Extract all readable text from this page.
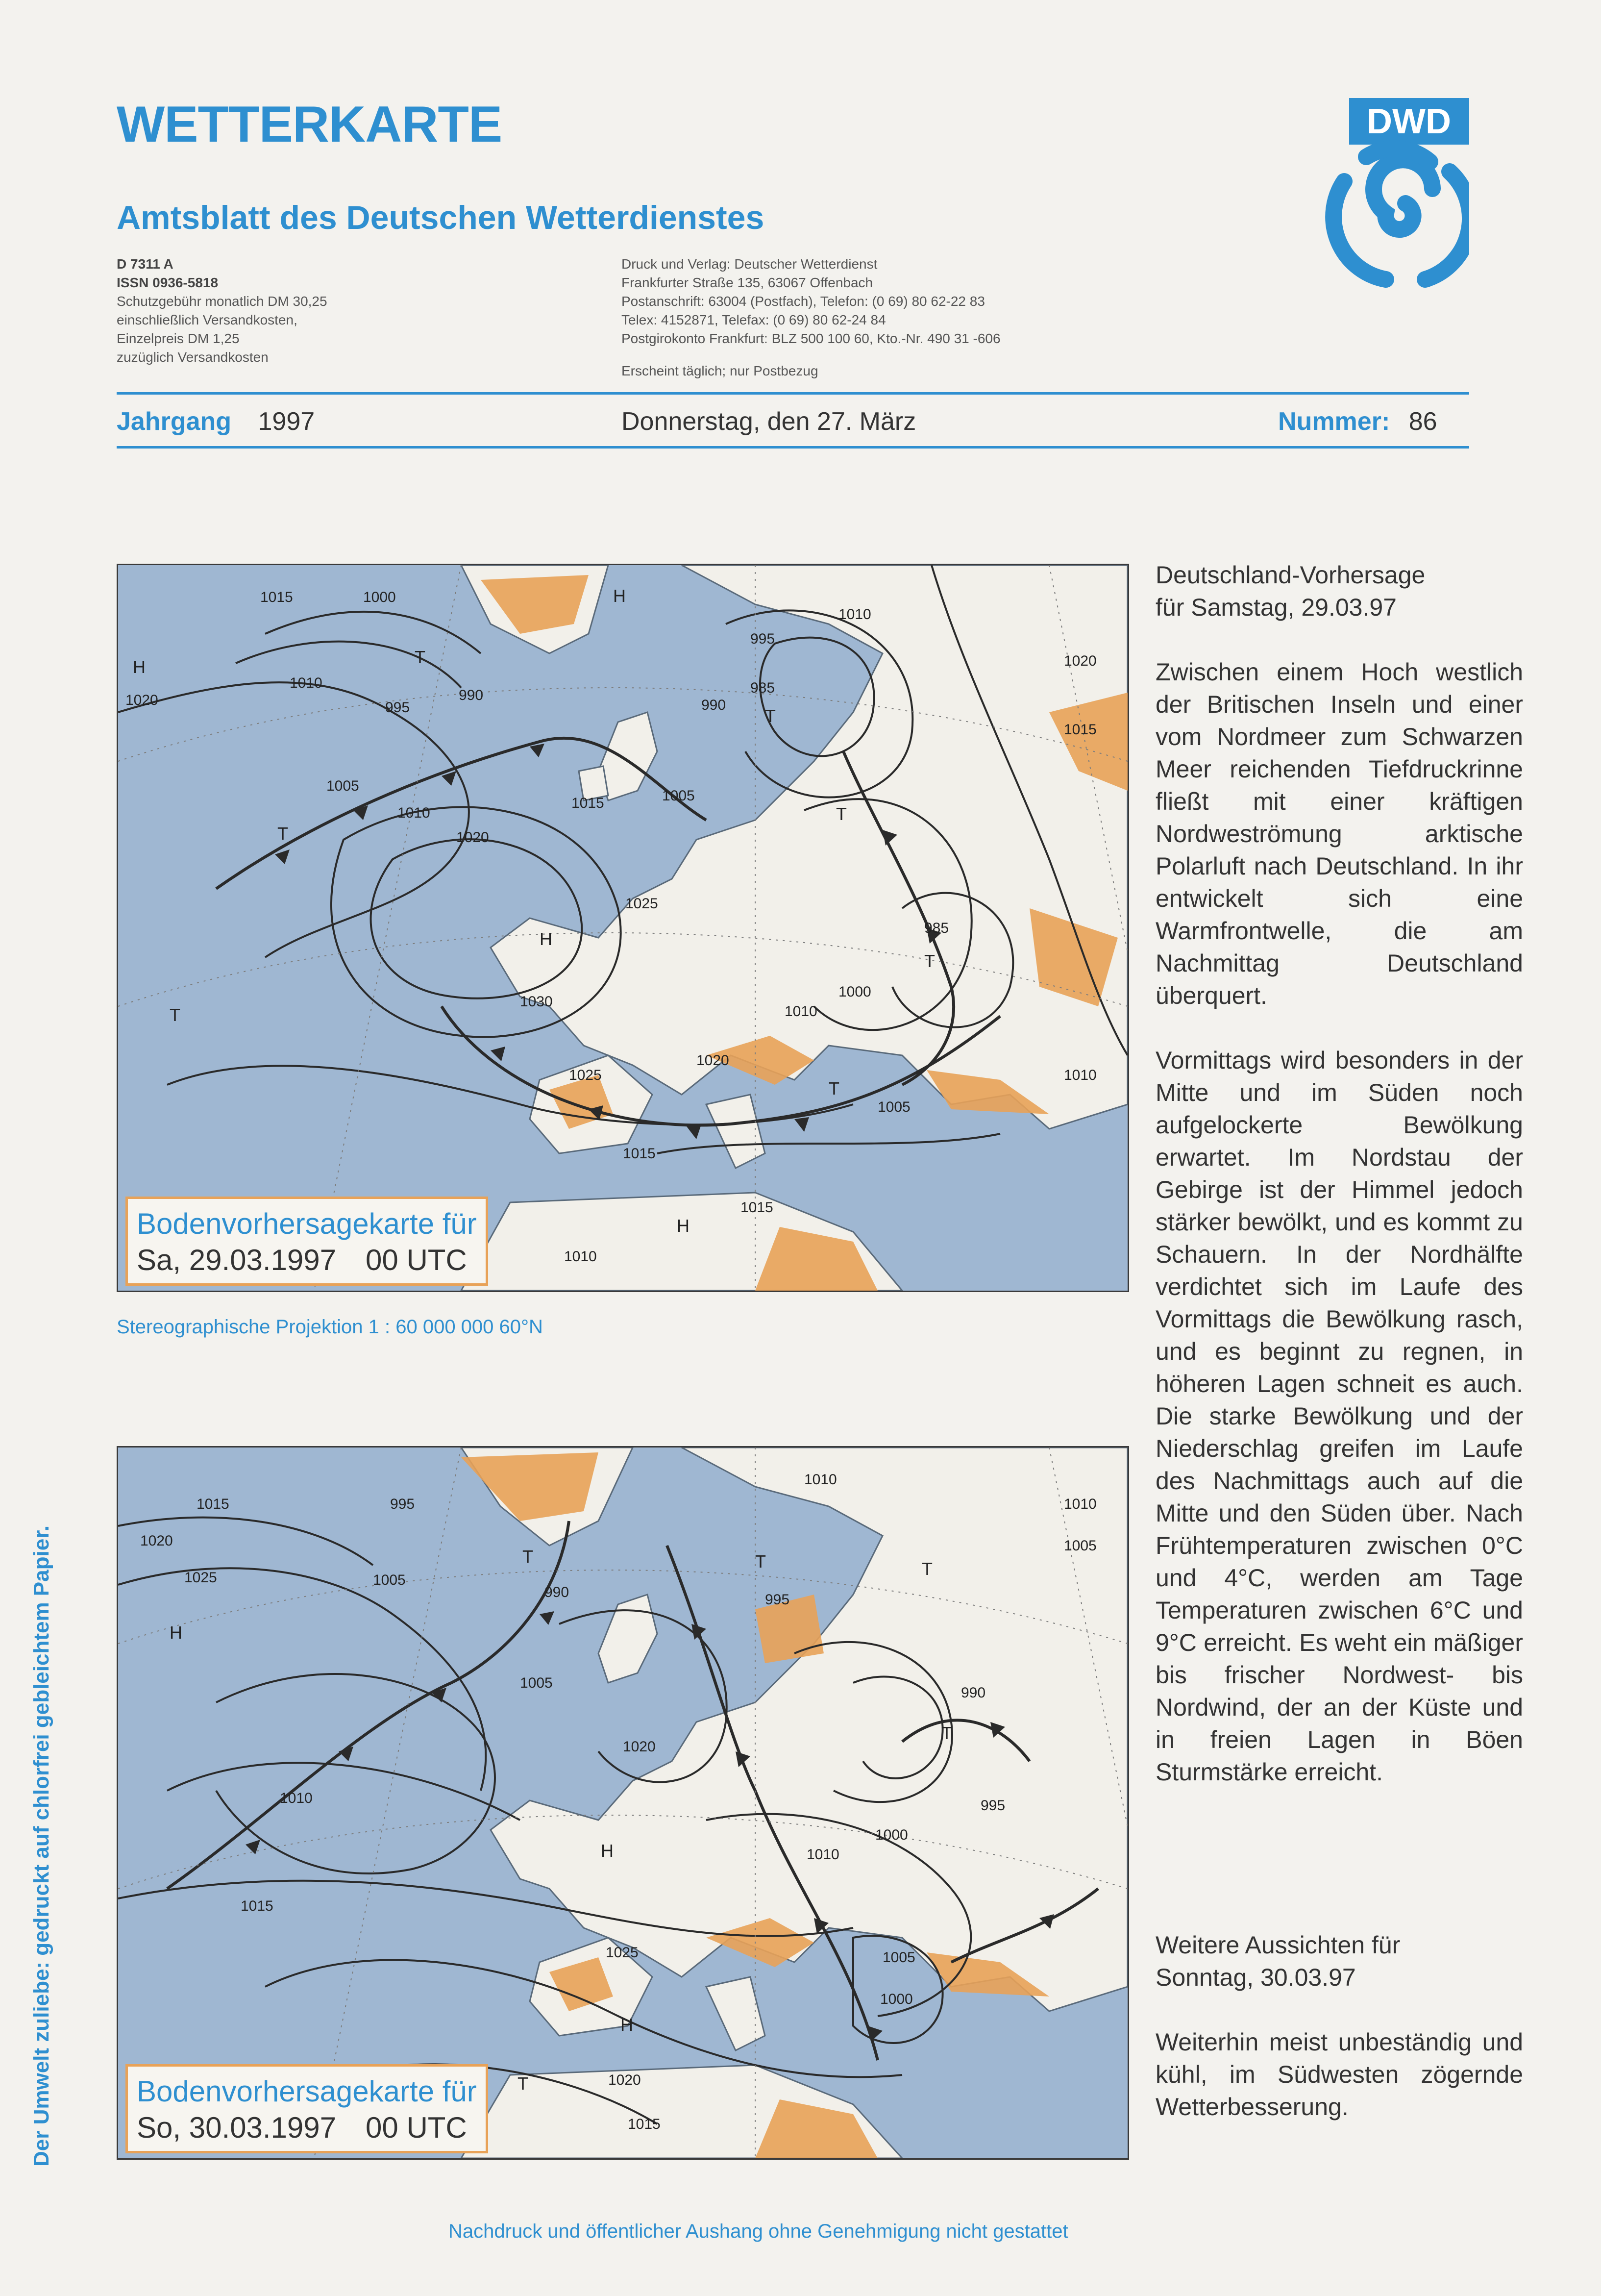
WETTERKARTE
Amtsblatt des Deutschen Wetterdienstes
D 7311 A
ISSN 0936-5818
Schutzgebühr monatlich DM 30,25
einschließlich Versandkosten,
Einzelpreis DM 1,25
zuzüglich Versandkosten
Druck und Verlag: Deutscher Wetterdienst
Frankfurter Straße 135, 63067 Offenbach
Postanschrift: 63004 (Postfach), Telefon: (0 69) 80 62-22 83
Telex: 4152871, Telefax: (0 69) 80 62-24 84
Postgirokonto Frankfurt: BLZ 500 100 60, Kto.-Nr. 490 31 -606
Erscheint täglich; nur Postbezug
DWD
Jahrgang 1997	Donnerstag, den 27. März	Nummer: 86
1015	1000
1010
995
990
1020
1005
1010
1015
1020
1025
1030
1025
1020
1015
1010
1005
995
985
990
985
1000
1010
1005
1015
1010
1015
1020
1010
H
T
T
H
T
T
H
T
T
T
H
Bodenvorhersagekarte für
Sa, 29.03.1997 00 UTC
Stereographische Projektion 1 : 60 000 000 60°N
1015	995
1020
1025	1005
990
1005
1010
1015
1020
1025
1020
1015
1000
1010
1005
1000
995
990
995
1010
1005
1010
H
T	T
T
H
H
T
T
Bodenvorhersagekarte für
So, 30.03.1997 00 UTC

Deutschland-Vorhersage

für Samstag, 29.03.97

Zwischen einem Hoch westlich der Britischen Inseln und einer vom Nordmeer zum Schwarzen Meer reichenden Tiefdruckrinne fließt mit einer kräftigen Nordweströmung arktische Polarluft nach Deutschland. In ihr entwickelt sich eine Warmfrontwelle, die am Nachmittag Deutschland überquert.

Vormittags wird besonders in der Mitte und im Süden noch aufgelockerte Bewölkung erwartet. Im Nordstau der Gebirge ist der Himmel jedoch stärker bewölkt, und es kommt zu Schauern. In der Nordhälfte verdichtet sich im Laufe des Vormittags die Bewölkung rasch, und es beginnt zu regnen, in höheren Lagen schneit es auch. Die starke Bewölkung und der Niederschlag greifen im Laufe des Nachmittags auch auf die Mitte und den Süden über. Nach Frühtemperaturen zwischen 0°C und 4°C, werden am Tage Temperaturen zwischen 6°C und 9°C erreicht. Es weht ein mäßiger bis frischer Nordwest- bis Nordwind, der an der Küste und in freien Lagen in Böen Sturmstärke erreicht.

Weitere Aussichten für

Sonntag, 30.03.97

Weiterhin meist unbeständig und kühl, im Südwesten zögernde Wetterbesserung.

Der Umwelt zuliebe: gedruckt auf chlorfrei gebleichtem Papier.
Nachdruck und öffentlicher Aushang ohne Genehmigung nicht gestattet
